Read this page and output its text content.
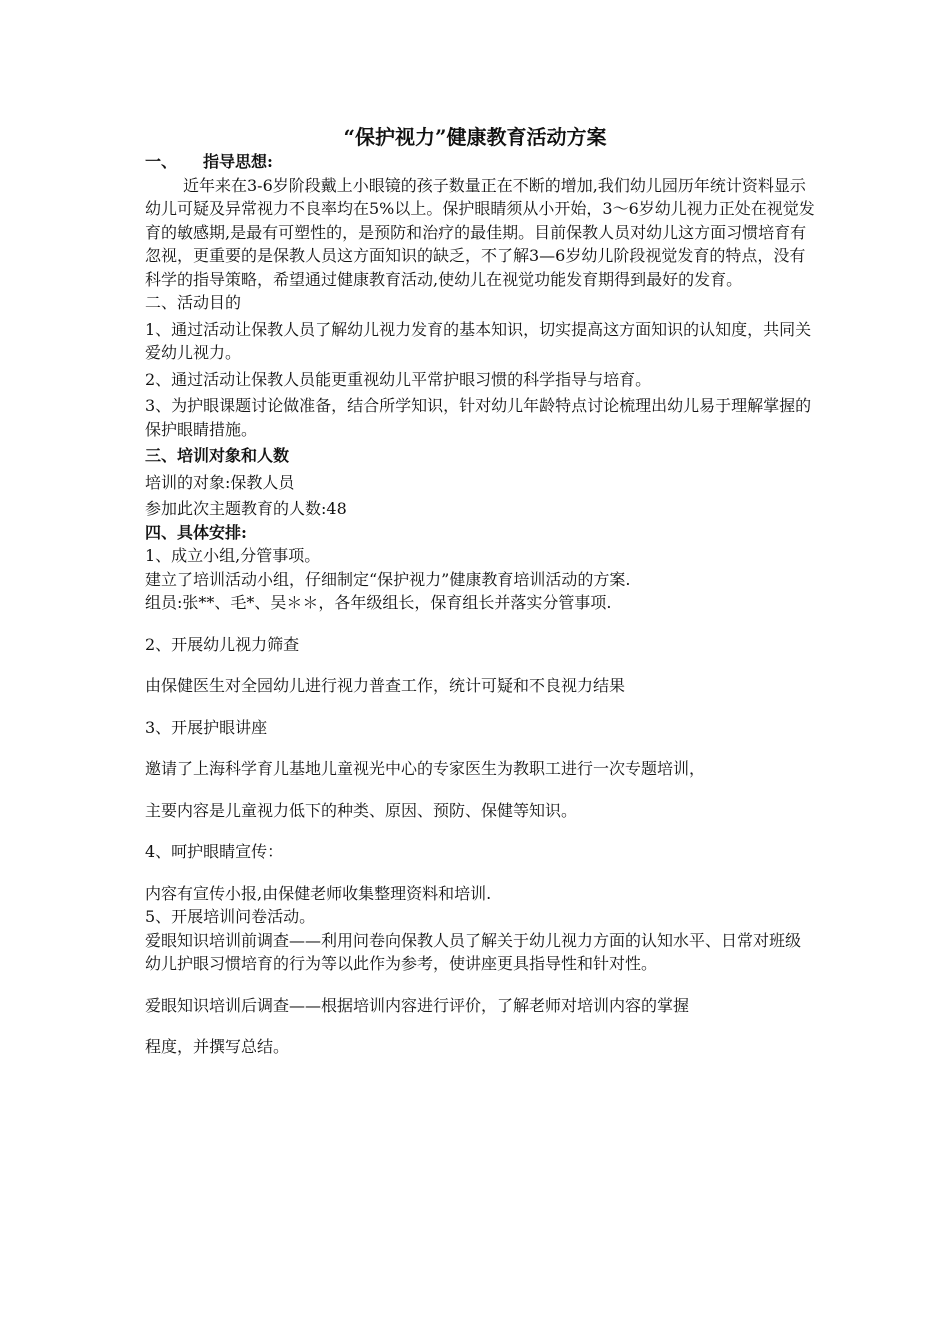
“保护视力”健康教育活动方案

一、 指导思想:

近年来在3-6岁阶段戴上小眼镜的孩子数量正在不断的增加,我们幼儿园历年统计资料显示幼儿可疑及异常视力不良率均在5%以上。保护眼睛须从小开始，3～6岁幼儿视力正处在视觉发育的敏感期,是最有可塑性的，是预防和治疗的最佳期。目前保教人员对幼儿这方面习惯培育有忽视，更重要的是保教人员这方面知识的缺乏，不了解3—6岁幼儿阶段视觉发育的特点，没有科学的指导策略，希望通过健康教育活动,使幼儿在视觉功能发育期得到最好的发育。

二、活动目的

1、通过活动让保教人员了解幼儿视力发育的基本知识，切实提高这方面知识的认知度，共同关爱幼儿视力。

2、通过活动让保教人员能更重视幼儿平常护眼习惯的科学指导与培育。

3、为护眼课题讨论做准备，结合所学知识，针对幼儿年龄特点讨论梳理出幼儿易于理解掌握的保护眼睛措施。

三、培训对象和人数

培训的对象:保教人员

参加此次主题教育的人数:48

四、具体安排:

1、成立小组,分管事项。

建立了培训活动小组，仔细制定“保护视力”健康教育培训活动的方案.

组员:张**、毛*、吴＊＊，各年级组长，保育组长并落实分管事项.

2、开展幼儿视力筛查

由保健医生对全园幼儿进行视力普查工作，统计可疑和不良视力结果

3、开展护眼讲座

邀请了上海科学育儿基地儿童视光中心的专家医生为教职工进行一次专题培训，

主要内容是儿童视力低下的种类、原因、预防、保健等知识。

4、呵护眼睛宣传：

内容有宣传小报,由保健老师收集整理资料和培训.

5、开展培训问卷活动。

爱眼知识培训前调查——利用问卷向保教人员了解关于幼儿视力方面的认知水平、日常对班级幼儿护眼习惯培育的行为等以此作为参考，使讲座更具指导性和针对性。

爱眼知识培训后调查——根据培训内容进行评价，了解老师对培训内容的掌握

程度，并撰写总结。
